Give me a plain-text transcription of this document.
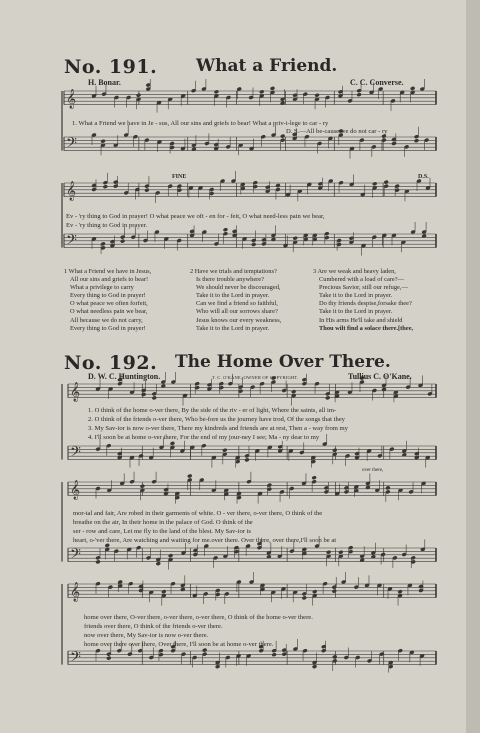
𝄞
𝄢
𝄞
𝄢
𝄞
𝄢
𝄞
𝄢
𝄞
𝄢
No. 191. What a Friend.
H. Bonar.	C. C. Converse.
1. What a Friend we have in Je - sus, All our sins and griefs to bear! What a priv-i-lege to car - ry
D. S.—All be-cause we do not car - ry
FINE	D.S.
Ev - 'ry thing to God in prayer! O what peace we oft - en for - feit, O what need-less pain we bear,
Ev - 'ry thing to God in prayer.
1 What a Friend we have in Jesus,
All our sins and griefs to bear!
What a privilege to carry
Every thing to God in prayer!
O what peace we often forfeit,
O what needless pain we bear,
All because we do not carry,
Every thing to God in prayer!
2 Have we trials and temptations?
Is there trouble anywhere?
We should never be discouraged,
Take it to the Lord in prayer.
Can we find a friend so faithful,
Who will all our sorrows share?
Jesus knows our every weakness,
Take it to the Lord in prayer.
3 Are we weak and heavy laden,
Cumbered with a load of care?—
Precious Savior, still our refuge,—
Take it to the Lord in prayer.
Do thy friends despise,forsake thee?
Take it to the Lord in prayer.
In His arms He'll take and shield
Thou wilt find a solace there.[thee,
No. 192. The Home Over There.
D. W. C. Huntington.	T. C. O'KANE, OWNER OF COPYRIGHT.	Tullius C. O'Kane.
1. O think of the home o-ver there, By the side of the riv - er of light, Where the saints, all im-
2. O think of the friends o-ver there, Who be-fore us the journey have trod, Of the songs that they
3. My Sav-ior is now o-ver there, There my kindreds and friends are at rest, Then a - way from my
4. I'll soon be at home o-ver there, For the end of my jour-ney I see; Ma - ny dear to my
over there,
mor-tal and fair, Are robed in their garments of white. O - ver there, o-ver there, O think of the
breathe on the air, In their home in the palace of God. O think of the
ser - row and care, Let me fly to the land of the blest. My Sav-ior is
heart, o-'ver there, Are watching and waiting for me.over there. Over there, over there,I'll soon be at
home over there, O-ver there, o-ver there, o-ver there, O think of the home o-ver there.
friends over there, O think of the friends o-ver there.
now over there, My Sav-ior is now o-ver there.
home over there over there, Over there, I'll soon be at home o-ver there.
